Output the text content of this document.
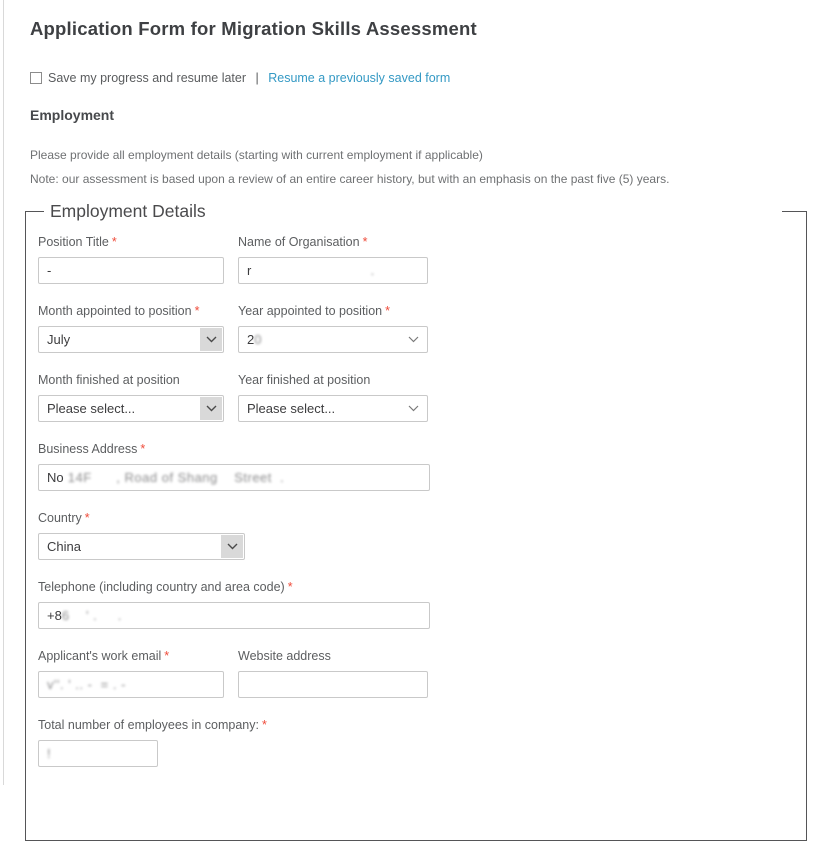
Application Form for Migration Skills Assessment
Save my progress and resume later | Resume a previously saved form
Employment

Please provide all employment details (starting with current employment if applicable)

Note: our assessment is based upon a review of an entire career history, but with an emphasis on the past five (5) years.

Employment Details
Position Title *
-
Name of Organisation *
r .
Month appointed to position *
July
Year appointed to position *
20
Month finished at position
Please select...
Year finished at position
Please select...
Business Address *
No 14F      , Road of Shang    Street  .
Country *
China
Telephone (including country and area code) *
+8 6    ' .     .
Applicant's work email *
v''. ' .. -  = . -
Website address
Total number of employees in company: *
!
